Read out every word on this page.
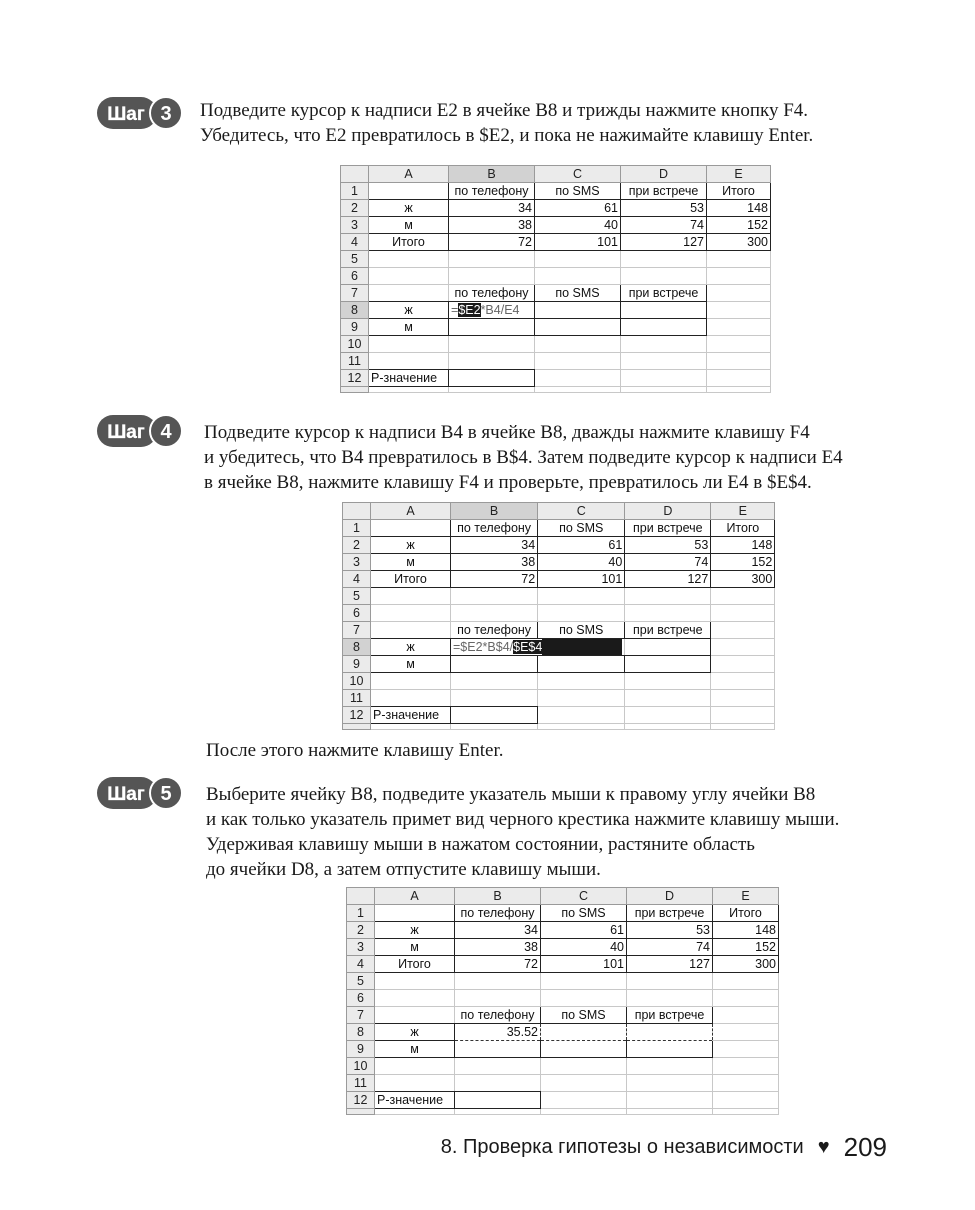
Шаг 3 Подведите курсор к надписи E2 в ячейке B8 и трижды нажмите кнопку F4.
Убедитесь, что E2 превратилось в $E2, и пока не нажимайте клавишу Enter.
	A	B	C	D	E
1		по телефону	по SMS	при встрече	Итого
2	ж	34	61	53	148
3	м	38	40	74	152
4	Итого	72	101	127	300
5					
6					
7		по телефону	по SMS	при встрече	
8	ж	=$E2*B4/E4			
9	м				
10					
11					
12	P-значение				

Шаг 4 Подведите курсор к надписи B4 в ячейке B8, дважды нажмите клавишу F4
и убедитесь, что B4 превратилось в B$4. Затем подведите курсор к надписи E4
в ячейке B8, нажмите клавишу F4 и проверьте, превратилось ли E4 в $E$4.
	A	B	C	D	E
1		по телефону	по SMS	при встрече	Итого
2	ж	34	61	53	148
3	м	38	40	74	152
4	Итого	72	101	127	300
5					
6					
7		по телефону	по SMS	при встрече	
8	ж	=$E2*B$4/$E$4			
9	м				
10					
11					
12	P-значение				

После этого нажмите клавишу Enter.
Шаг 5 Выберите ячейку B8, подведите указатель мыши к правому углу ячейки B8
и как только указатель примет вид черного крестика нажмите клавишу мыши.
Удерживая клавишу мыши в нажатом состоянии, растяните область
до ячейки D8, а затем отпустите клавишу мыши.
	A	B	C	D	E
1		по телефону	по SMS	при встрече	Итого
2	ж	34	61	53	148
3	м	38	40	74	152
4	Итого	72	101	127	300
5					
6					
7		по телефону	по SMS	при встрече	
8	ж	35.52			
9	м				
10					
11					
12	P-значение				

8. Проверка гипотезы о независимости ♥ 209
